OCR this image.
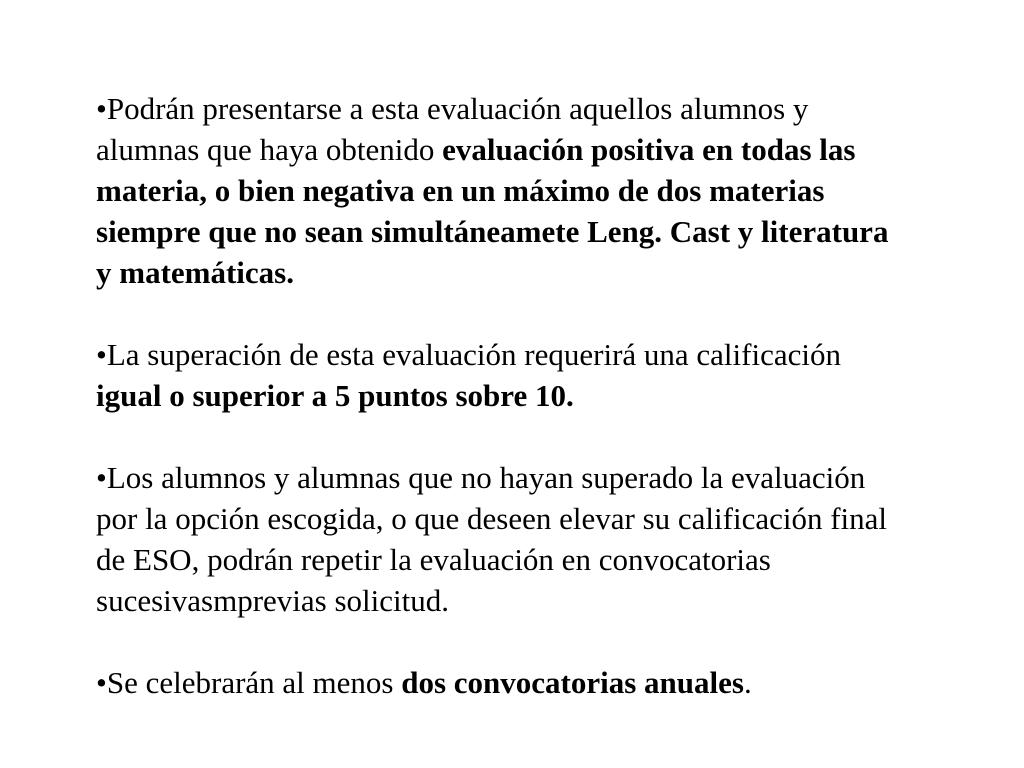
•Podrán presentarse a esta evaluación aquellos alumnos y alumnas que haya obtenido evaluación positiva en todas las materia, o bien negativa en un máximo de dos materias siempre que no sean simultáneamete Leng. Cast y literatura y matemáticas.

•La superación de esta evaluación requerirá una calificación igual o superior a 5 puntos sobre 10.

•Los alumnos y alumnas que no hayan superado la evaluación por la opción escogida, o que deseen elevar su calificación final de ESO, podrán repetir la evaluación en convocatorias sucesivasmprevias solicitud.

•Se celebrarán al menos dos convocatorias anuales.
